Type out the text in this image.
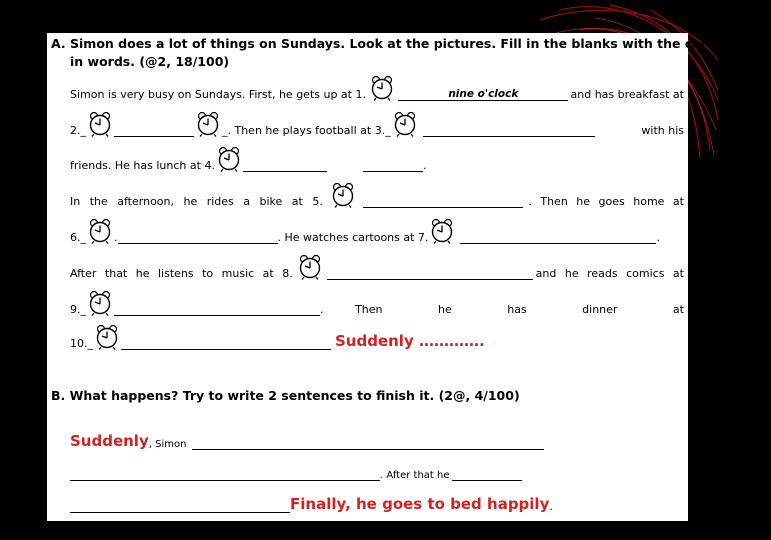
A. Simon does a lot of things on Sundays. Look at the pictures. Fill in the blanks with the correct time
in words. (@2, 18/100)
Simon is very busy on Sundays. First, he gets up at 1.	nine o'clock	and has breakfast at
2._	_. Then he plays football at 3._	with his
friends. He has lunch at 4.	.
In the afternoon, he rides a bike at 5.	. Then he goes home at
6._	.	. He watches cartoons at 7.	.
After that he listens to music at 8.	and he reads comics at
9._	.	Then he has dinner at
10._	Suddenly ………….
B. What happens? Try to write 2 sentences to finish it. (2@, 4/100)
Suddenly , Simon
. After that he
Finally, he goes to bed happily .
